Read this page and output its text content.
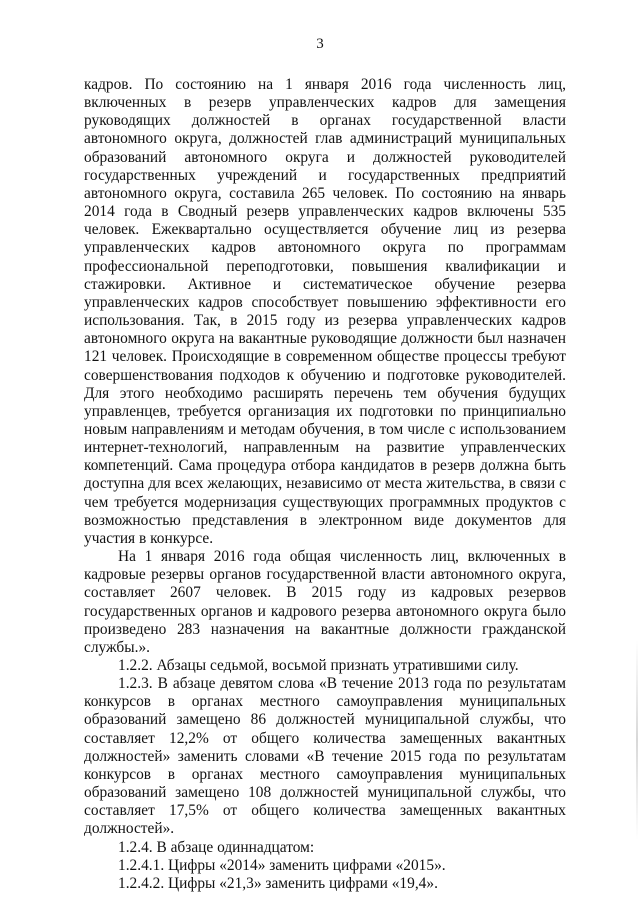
3

кадров. По состоянию на 1 января 2016 года численность лиц, включенных в резерв управленческих кадров для замещения руководящих должностей в органах государственной власти автономного округа, должностей глав администраций муниципальных образований автономного округа и должностей руководителей государственных учреждений и государственных предприятий автономного округа, составила 265 человек. По состоянию на январь 2014 года в Сводный резерв управленческих кадров включены 535 человек. Ежеквартально осуществляется обучение лиц из резерва управленческих кадров автономного округа по программам профессиональной переподготовки, повышения квалификации и стажировки. Активное и систематическое обучение резерва управленческих кадров способствует повышению эффективности его использования. Так, в 2015 году из резерва управленческих кадров автономного округа на вакантные руководящие должности был назначен 121 человек. Происходящие в современном обществе процессы требуют совершенствования подходов к обучению и подготовке руководителей. Для этого необходимо расширять перечень тем обучения будущих управленцев, требуется организация их подготовки по принципиально новым направлениям и методам обучения, в том числе с использованием интернет-технологий, направленным на развитие управленческих компетенций. Сама процедура отбора кандидатов в резерв должна быть доступна для всех желающих, независимо от места жительства, в связи с чем требуется модернизация существующих программных продуктов с возможностью представления в электронном виде документов для участия в конкурсе.

На 1 января 2016 года общая численность лиц, включенных в кадровые резервы органов государственной власти автономного округа, составляет 2607 человек. В 2015 году из кадровых резервов государственных органов и кадрового резерва автономного округа было произведено 283 назначения на вакантные должности гражданской службы.».

1.2.2. Абзацы седьмой, восьмой признать утратившими силу.

1.2.3. В абзаце девятом слова «В течение 2013 года по результатам конкурсов в органах местного самоуправления муниципальных образований замещено 86 должностей муниципальной службы, что составляет 12,2% от общего количества замещенных вакантных должностей» заменить словами «В течение 2015 года по результатам конкурсов в органах местного самоуправления муниципальных образований замещено 108 должностей муниципальной службы, что составляет 17,5% от общего количества замещенных вакантных должностей».

1.2.4. В абзаце одиннадцатом:

1.2.4.1. Цифры «2014» заменить цифрами «2015».

1.2.4.2. Цифры «21,3» заменить цифрами «19,4».
